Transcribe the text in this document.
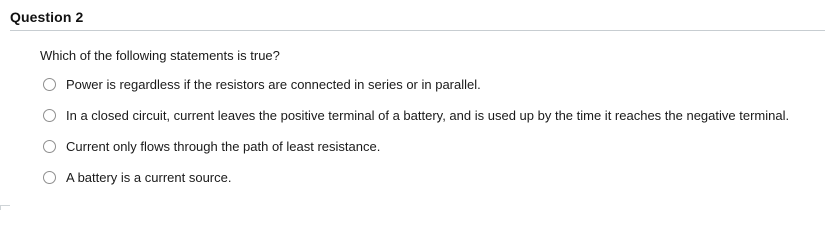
Question 2
Which of the following statements is true?
Power is regardless if the resistors are connected in series or in parallel.
In a closed circuit, current leaves the positive terminal of a battery, and is used up by the time it reaches the negative terminal.
Current only flows through the path of least resistance.
A battery is a current source.
